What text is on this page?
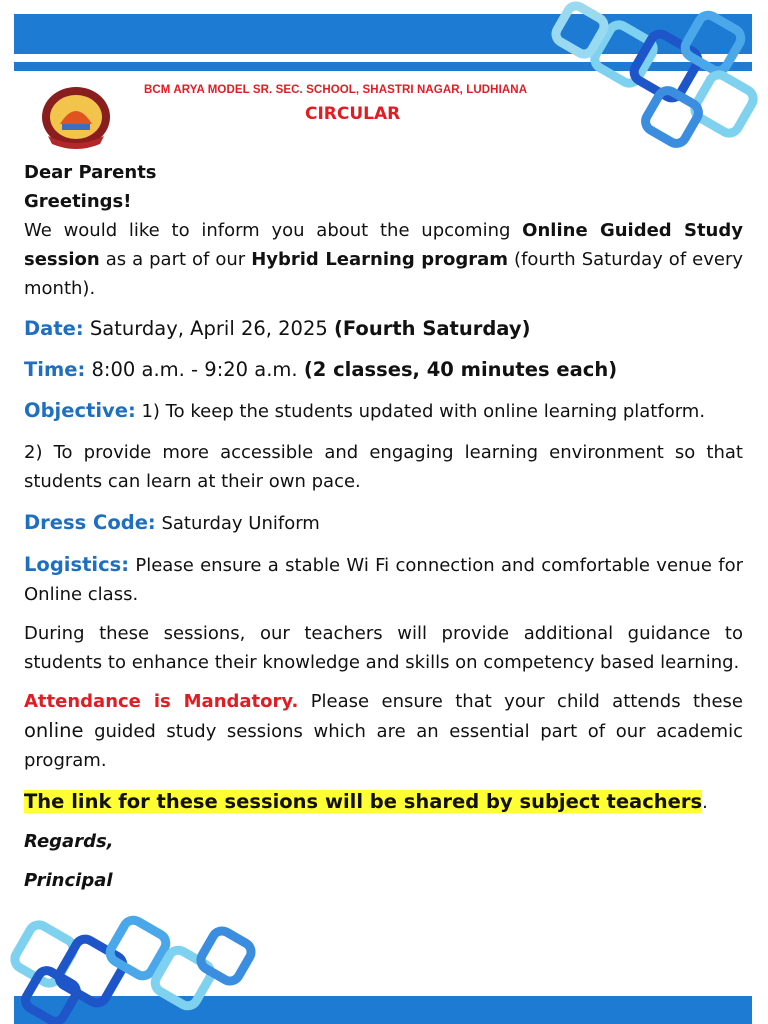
BCM ARYA MODEL SR. SEC. SCHOOL, SHASTRI NAGAR, LUDHIANA
CIRCULAR

Dear Parents

Greetings!

We would like to inform you about the upcoming Online Guided Study session as a part of our Hybrid Learning program (fourth Saturday of every month).

Date: Saturday, April 26, 2025 (Fourth Saturday)

Time: 8:00 a.m. - 9:20 a.m. (2 classes, 40 minutes each)

Objective: 1) To keep the students updated with online learning platform.

2) To provide more accessible and engaging learning environment so that students can learn at their own pace.

Dress Code: Saturday Uniform

Logistics: Please ensure a stable Wi Fi connection and comfortable venue for Online class.

During these sessions, our teachers will provide additional guidance to students to enhance their knowledge and skills on competency based learning.

Attendance is Mandatory. Please ensure that your child attends these online guided study sessions which are an essential part of our academic program.

The link for these sessions will be shared by subject teachers.

Regards,

Principal
